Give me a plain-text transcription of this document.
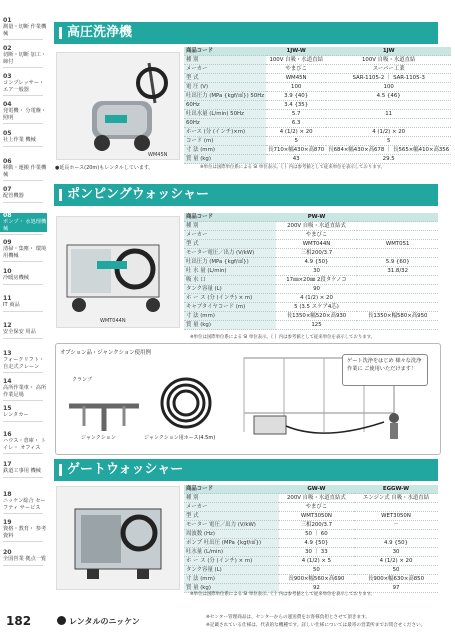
01
測量・切断 作業機械
02
切断・切断 加工・締付
03
コンプレッサー・ エア一般器
04
発電機・ 分電盤・照明
05
社上作業 機械
06
移動・運搬 作業機械
07
配管機器
08
ポンプ・ 水処理機械
09
清掃・集塵・ 環境用機械
10
冷暖房機械
11
IT 商品
12
安全保安 用品
13
フォークリフト・ 自走式クレーン
14
高所作業車・ 高所作業足場
15
レンタカー
16
ハウス・倉庫・ トイレ・ オフィス
17
鉄道工事用 機械
18
ニッケン総合 セーフティ サービス
19
資格・教育・ 参考資料
20
全国営業 拠点一覧
高圧洗浄機
WM45N
商品コード	1JW-W	1JW
種 別	100V 自吸・水道直結	100V 自吸・水道直結
メーカー	やまびこ	スーパー工業
型 式	WM45N	SAR-1105-2 ｜ SAR-1105-3
電 圧 (V)	100	100
吐出圧力 (MPa {kgf/㎠}) 50Hz	3.9 {40}	4.5 {46}
60Hz	3.4 {35}	
吐出水量 (L/min) 50Hz	5.7	11
60Hz	6.3	
ホース (分 (インチ)×m)	4 (1/2) × 20	4 (1/2) × 20
コード (m)	5	5
寸 法 (mm)	長710×幅430×高870	長684×幅430×高678 ｜ 長565×幅410×高356
質 量 (kg)	43	29.5
●延長ホース(20m)もレンタルしています。	※単位は国際単位系による SI 単位表示。｛ ｝内は参考値として従来単位を表示しております。
ポンピングウォッシャー
WMT044N
商品コード	PW-W	
種 別	200V 自吸・水道直結式	
メーカー	やまびこ	
型 式	WMT044N	WMT051
モーター電圧／出力 (V/kW)	三相200/3.7	
吐出圧力 (MPa {kgf/㎠})	4.9 {50}	5.9 {60}
吐 水 量 (L/min)	30	31.8/32
吸 水 口	17㎜×20㎜ 2段タケノコ	
タンク容量 (L)	90	
ホ ー ス (分 (インチ) × m)	4 (1/2) × 20	
キャブタイヤコード (m)	5 (3.5 スケア4芯)	
寸 法 (mm)	長1350×幅520×高930	長1350×幅580×高950
質 量 (kg)	125	
※単位は国際単位系による SI 単位表示。｛ ｝内は参考値として従来単位を表示しております。
オプション品・ジャンクション使用例
クランプ
ジャンクション	ジャンクション用ホース(4.5m)
ゲート洗浄をはじめ 様々な洗浄作業に ご使用いただけます！
ゲートウォッシャー
商品コード	GW-W	EGGW-W
種 別	200V 自吸・水道直結式	エンジン式 自吸・水道直結
メーカー	やまびこ	
型 式	WMT3050N	WET3050N
モーター 電圧／出力 (V/kW)	三相200/3.7	－
周波数 (Hz)	50 ｜ 60	
ポンプ 吐出圧 (MPa {kgf/㎠})	4.9 {50}	4.9 {50}
吐水量 (L/min)	30 ｜ 33	30
ホ ー ス (分 (インチ) × m)	4 (1/2) × 5	4 (1/2) × 20
タンク容量 (L)	50	50
寸 法 (mm)	長900×幅560×高690	長900×幅630×高850
質 量 (kg)	92	97
※単位は国際単位系による SI 単位表示。｛ ｝内は参考値として従来単位を表示しております。
182	レンタルのニッケン	※センター管理商品は、センターからの運送費をお客様負担とさせて頂きます。
※記載されている仕様は、代表的な機種です。詳しい仕様については最寄の営業所までお問合せください。
